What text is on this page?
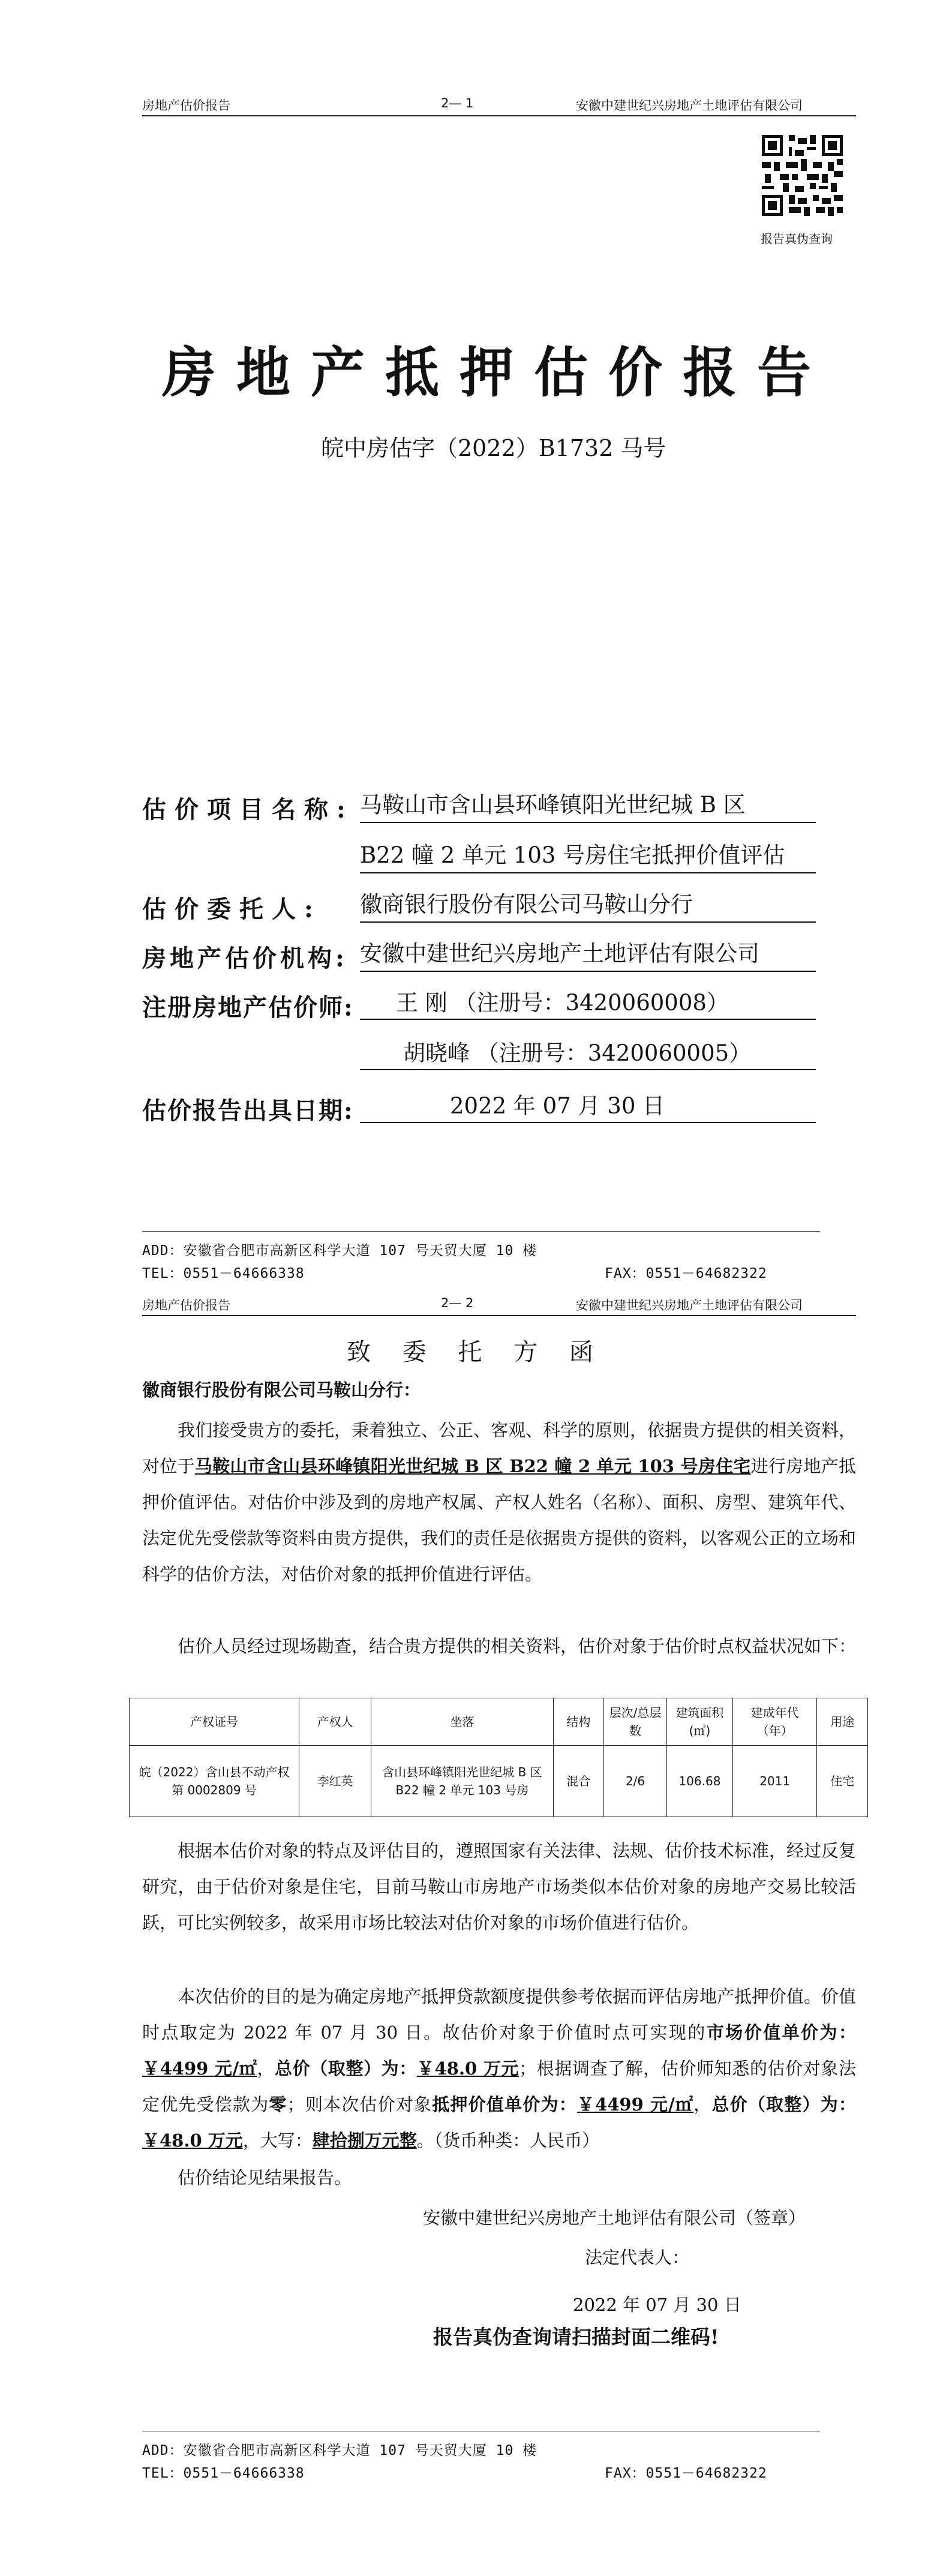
房地产估价报告	2— 1	安徽中建世纪兴房地产土地评估有限公司
报告真伪查询
房地产抵押估价报告
皖中房估字（2022）B1732 马号
估价项目名称: 马鞍山市含山县环峰镇阳光世纪城 B 区
B22 幢 2 单元 103 号房住宅抵押价值评估
估价委托人: 徽商银行股份有限公司马鞍山分行
房地产估价机构: 安徽中建世纪兴房地产土地评估有限公司
注册房地产估价师:	王 刚 （注册号：3420060008）
胡晓峰 （注册号：3420060005）
估价报告出具日期:	2022 年 07 月 30 日
ADD：安徽省合肥市高新区科学大道 107 号天贸大厦 10 楼
TEL：0551－64666338	FAX：0551－64682322
房地产估价报告	2— 2	安徽中建世纪兴房地产土地评估有限公司
致 委 托 方 函
徽商银行股份有限公司马鞍山分行：

我们接受贵方的委托，秉着独立、公正、客观、科学的原则，依据贵方提供的相关资料，对位于马鞍山市含山县环峰镇阳光世纪城 B 区 B22 幢 2 单元 103 号房住宅进行房地产抵押价值评估。对估价中涉及到的房地产权属、产权人姓名（名称）、面积、房型、建筑年代、法定优先受偿款等资料由贵方提供，我们的责任是依据贵方提供的资料，以客观公正的立场和科学的估价方法，对估价对象的抵押价值进行评估。

估价人员经过现场勘查，结合贵方提供的相关资料，估价对象于估价时点权益状况如下：

产权证号	产权人	坐落	结构	层次/总层数	建筑面积(㎡)	建成年代（年）	用途
皖（2022）含山县不动产权第 0002809 号	李红英	含山县环峰镇阳光世纪城 B 区 B22 幢 2 单元 103 号房	混合	2/6	106.68	2011	住宅

根据本估价对象的特点及评估目的，遵照国家有关法律、法规、估价技术标准，经过反复研究，由于估价对象是住宅，目前马鞍山市房地产市场类似本估价对象的房地产交易比较活跃，可比实例较多，故采用市场比较法对估价对象的市场价值进行估价。

本次估价的目的是为确定房地产抵押贷款额度提供参考依据而评估房地产抵押价值。价值时点取定为 2022 年 07 月 30 日。故估价对象于价值时点可实现的市场价值单价为：￥4499 元/㎡，总价（取整）为：￥48.0 万元；根据调查了解，估价师知悉的估价对象法定优先受偿款为零；则本次估价对象抵押价值单价为：￥4499 元/㎡，总价（取整）为：￥48.0 万元，大写：肆拾捌万元整。（货币种类：人民币）

估价结论见结果报告。

安徽中建世纪兴房地产土地评估有限公司（签章）
法定代表人：
2022 年 07 月 30 日
报告真伪查询请扫描封面二维码!
ADD：安徽省合肥市高新区科学大道 107 号天贸大厦 10 楼
TEL：0551－64666338	FAX：0551－64682322
